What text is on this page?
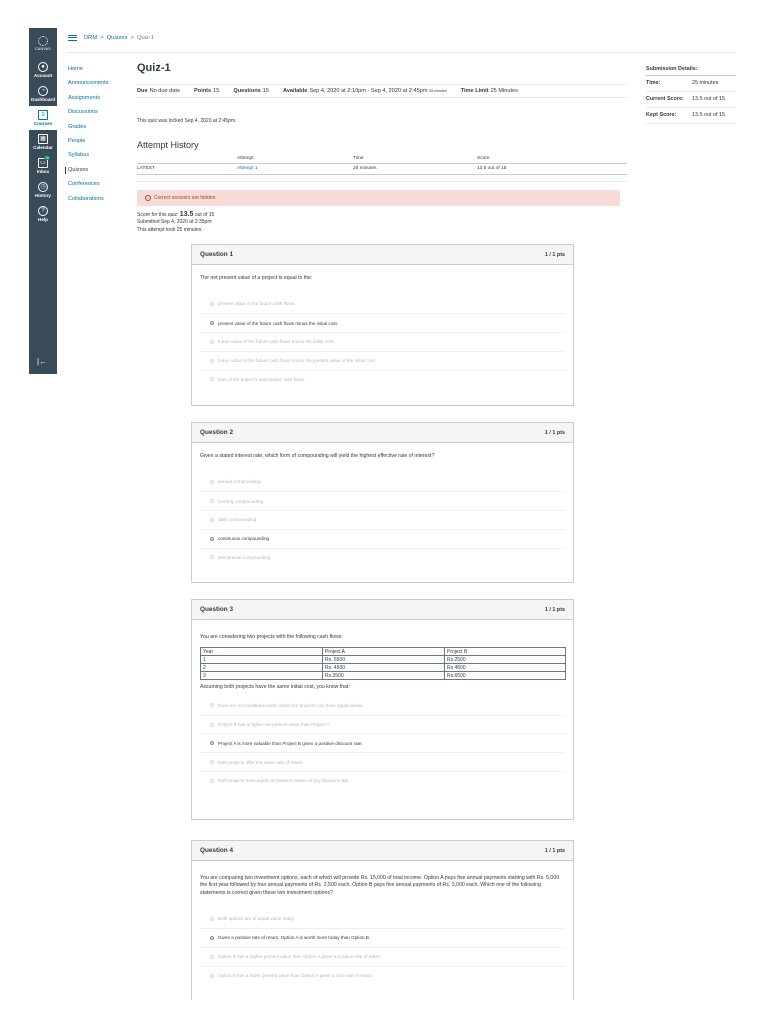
CANVAS
●
Account
◔
Dashboard
≡
Courses
▦
Calendar
▭
26
Inbox
◷
History
?
Help
|←
DRM > Quizzes > Quiz-1
Home
Announcements
Assignments
Discussions
Grades
People
Syllabus
Quizzes
Conferences
Collaborations
Quiz-1
Due No due date	Points 15	Questions 15	Available Sep 4, 2020 at 2:10pm - Sep 4, 2020 at 2:45pm 35 minutes	Time Limit 25 Minutes
This quiz was locked Sep 4, 2020 at 2:45pm.
Attempt History
	Attempt	Time	Score
LATEST	Attempt 1	25 minutes	13.5 out of 15
!	Correct answers are hidden.
Score for this quiz: 13.5 out of 15
Submitted Sep 4, 2020 at 2:35pm
This attempt took 25 minutes.
Question 1	1 / 1 pts
The net present value of a project is equal to the:
present value of the future cash flows.
present value of the future cash flows minus the initial cost.
future value of the future cash flows minus the initial cost.
future value of the future cash flows minus the present value of the initial cost.
sum of the project's anticipated cash flows.
Question 2	1 / 1 pts
Given a stated interest rate, which form of compounding will yield the highest effective rate of interest?
annual compounding
monthly compounding
daily compounding
continuous compounding
semiannual compounding
Question 3	1 / 1 pts
You are considering two projects with the following cash flows:
Year	Project A	Project B
1	Rs. 6500	Rs.2500
2	Rs. 4500	Rs.4500
3	Rs.2500	Rs.6500
Assuming both projects have the same initial cost, you know that:
there are no conditions under which the projects can have equal values.
Project B has a higher net present value than Project A.
Project A is more valuable than Project B given a positive discount rate.
both projects offer the same rate of return.
both projects have equal net present values at any discount rate.
Question 4	1 / 1 pts
You are comparing two investment options, each of which will provide Rs. 15,000 of total income. Option A pays five annual payments starting with Rs. 5,000 the first year followed by four annual payments of Rs. 2,500 each. Option B pays five annual payments of Rs. 3,000 each. Which one of the following statements is correct given these two investment options?
Both options are of equal value today.
Given a positive rate of return, Option A is worth more today than Option B.
Option B has a higher present value than Option A given a positive rate of return.
Option B has a lower present value than Option A given a zero rate of return.
Submission Details:
Time:	25 minutes
Current Score:	13.5 out of 15
Kept Score:	13.5 out of 15
